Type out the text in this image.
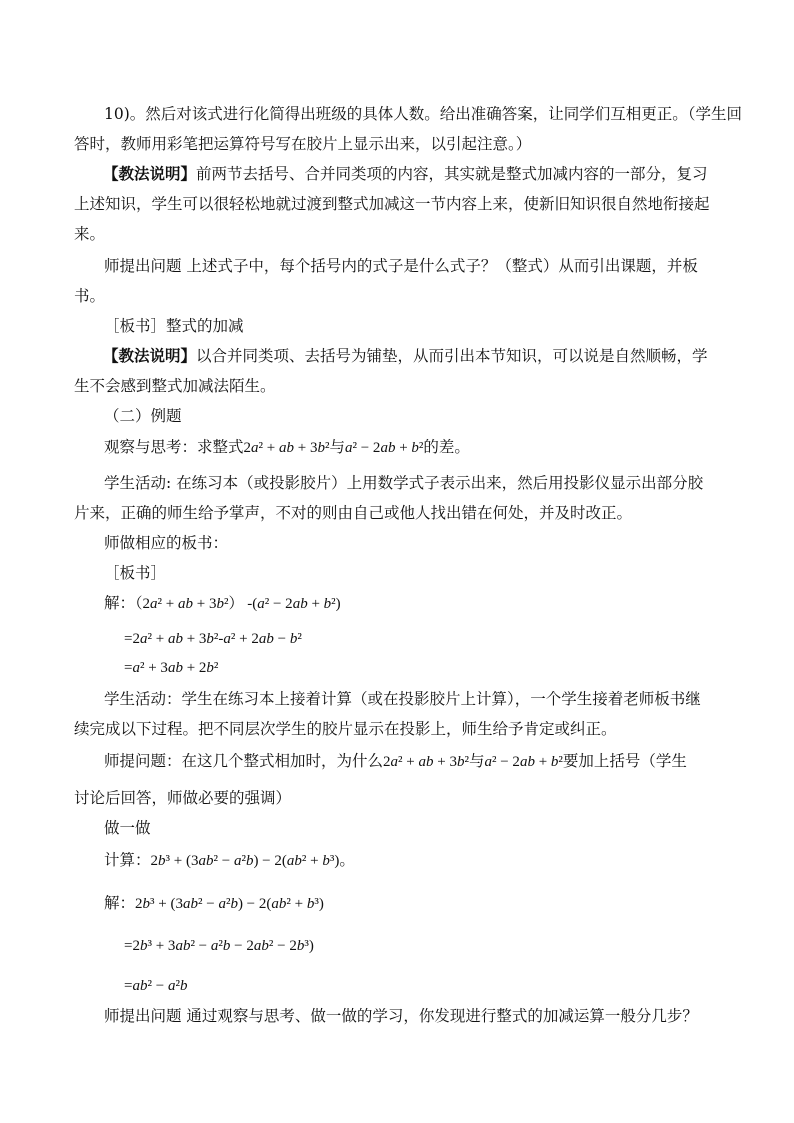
10)。然后对该式进行化简得出班级的具体人数。给出准确答案，让同学们互相更正。（学生回
答时，教师用彩笔把运算符号写在胶片上显示出来，以引起注意。）
【教法说明】前两节去括号、合并同类项的内容，其实就是整式加减内容的一部分，复习
上述知识，学生可以很轻松地就过渡到整式加减这一节内容上来，使新旧知识很自然地衔接起
来。
师提出问题 上述式子中，每个括号内的式子是什么式子？（整式）从而引出课题，并板
书。
［板书］整式的加减
【教法说明】以合并同类项、去括号为铺垫，从而引出本节知识，可以说是自然顺畅，学
生不会感到整式加减法陌生。
（二）例题
观察与思考：求整式2a² + ab + 3b²与a² − 2ab + b²的差。
学生活动: 在练习本（或投影胶片）上用数学式子表示出来，然后用投影仪显示出部分胶
片来，正确的师生给予掌声，不对的则由自己或他人找出错在何处，并及时改正。
师做相应的板书：
［板书］
解：（2a² + ab + 3b²） -(a² − 2ab + b²)
=2a² + ab + 3b²-a² + 2ab − b²
=a² + 3ab + 2b²
学生活动：学生在练习本上接着计算（或在投影胶片上计算），一个学生接着老师板书继
续完成以下过程。把不同层次学生的胶片显示在投影上，师生给予肯定或纠正。
师提问题：在这几个整式相加时，为什么2a² + ab + 3b²与a² − 2ab + b²要加上括号（学生
讨论后回答，师做必要的强调）
做一做
计算：2b³ + (3ab² − a²b) − 2(ab² + b³)。
解：2b³ + (3ab² − a²b) − 2(ab² + b³)
=2b³ + 3ab² − a²b − 2ab² − 2b³)
=ab² − a²b
师提出问题 通过观察与思考、做一做的学习，你发现进行整式的加减运算一般分几步？
